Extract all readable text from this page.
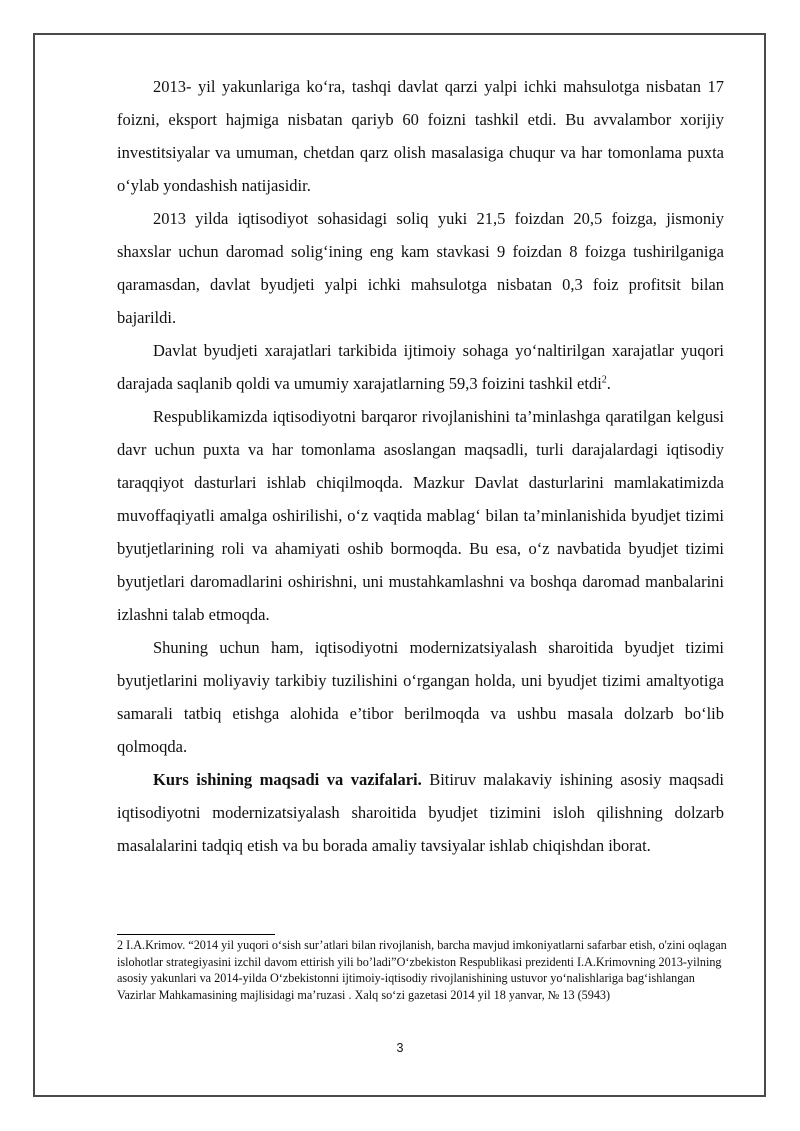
2013- yil yakunlariga ko‘ra, tashqi davlat qarzi yalpi ichki mahsulotga nisbatan 17 foizni, eksport hajmiga nisbatan qariyb 60 foizni tashkil etdi. Bu avvalambor xorijiy investitsiyalar va umuman, chetdan qarz olish masalasiga chuqur va har tomonlama puxta o‘ylab yondashish natijasidir.

2013 yilda iqtisodiyot sohasidagi soliq yuki 21,5 foizdan 20,5 foizga, jismoniy shaxslar uchun daromad solig‘ining eng kam stavkasi 9 foizdan 8 foizga tushirilganiga qaramasdan, davlat byudjeti yalpi ichki mahsulotga nisbatan 0,3 foiz profitsit bilan bajarildi.

Davlat byudjeti xarajatlari tarkibida ijtimoiy sohaga yo‘naltirilgan xarajatlar yuqori darajada saqlanib qoldi va umumiy xarajatlarning 59,3 foizini tashkil etdi$^2$.

Respublikamizda iqtisodiyotni barqaror rivojlanishini ta’minlashga qaratilgan kelgusi davr uchun puxta va har tomonlama asoslangan maqsadli, turli darajalardagi iqtisodiy taraqqiyot dasturlari ishlab chiqilmoqda. Mazkur Davlat dasturlarini mamlakatimizda muvoffaqiyatli amalga oshirilishi, o‘z vaqtida mablag‘ bilan ta’minlanishida byudjet tizimi byutjetlarining roli va ahamiyati oshib bormoqda. Bu esa, o‘z navbatida byudjet tizimi byutjetlari daromadlarini oshirishni, uni mustahkamlashni va boshqa daromad manbalarini izlashni talab etmoqda.

Shuning uchun ham, iqtisodiyotni modernizatsiyalash sharoitida byudjet tizimi byutjetlarini moliyaviy tarkibiy tuzilishini o‘rgangan holda, uni byudjet tizimi amaltyotiga samarali tatbiq etishga alohida e’tibor berilmoqda va ushbu masala dolzarb bo‘lib qolmoqda.

Kurs ishining maqsadi va vazifalari. Bitiruv malakaviy ishining asosiy maqsadi iqtisodiyotni modernizatsiyalash sharoitida byudjet tizimini isloh qilishning dolzarb masalalarini tadqiq etish va bu borada amaliy tavsiyalar ishlab chiqishdan iborat.

2 I.A.Krimov. “2014 yil yuqori o‘sish sur’atlari bilan rivojlanish, barcha mavjud imkoniyatlarni safarbar etish, o'zini oqlagan islohotlar strategiyasini izchil davom ettirish yili bo’ladi”O‘zbekiston Respublikasi prezidenti I.A.Krimovning 2013-yilning asosiy yakunlari va 2014-yilda O‘zbekistonni ijtimoiy-iqtisodiy rivojlanishining ustuvor yo‘nalishlariga bag‘ishlangan Vazirlar Mahkamasining majlisidagi ma’ruzasi . Xalq so‘zi gazetasi 2014 yil 18 yanvar, № 13 (5943)

3
